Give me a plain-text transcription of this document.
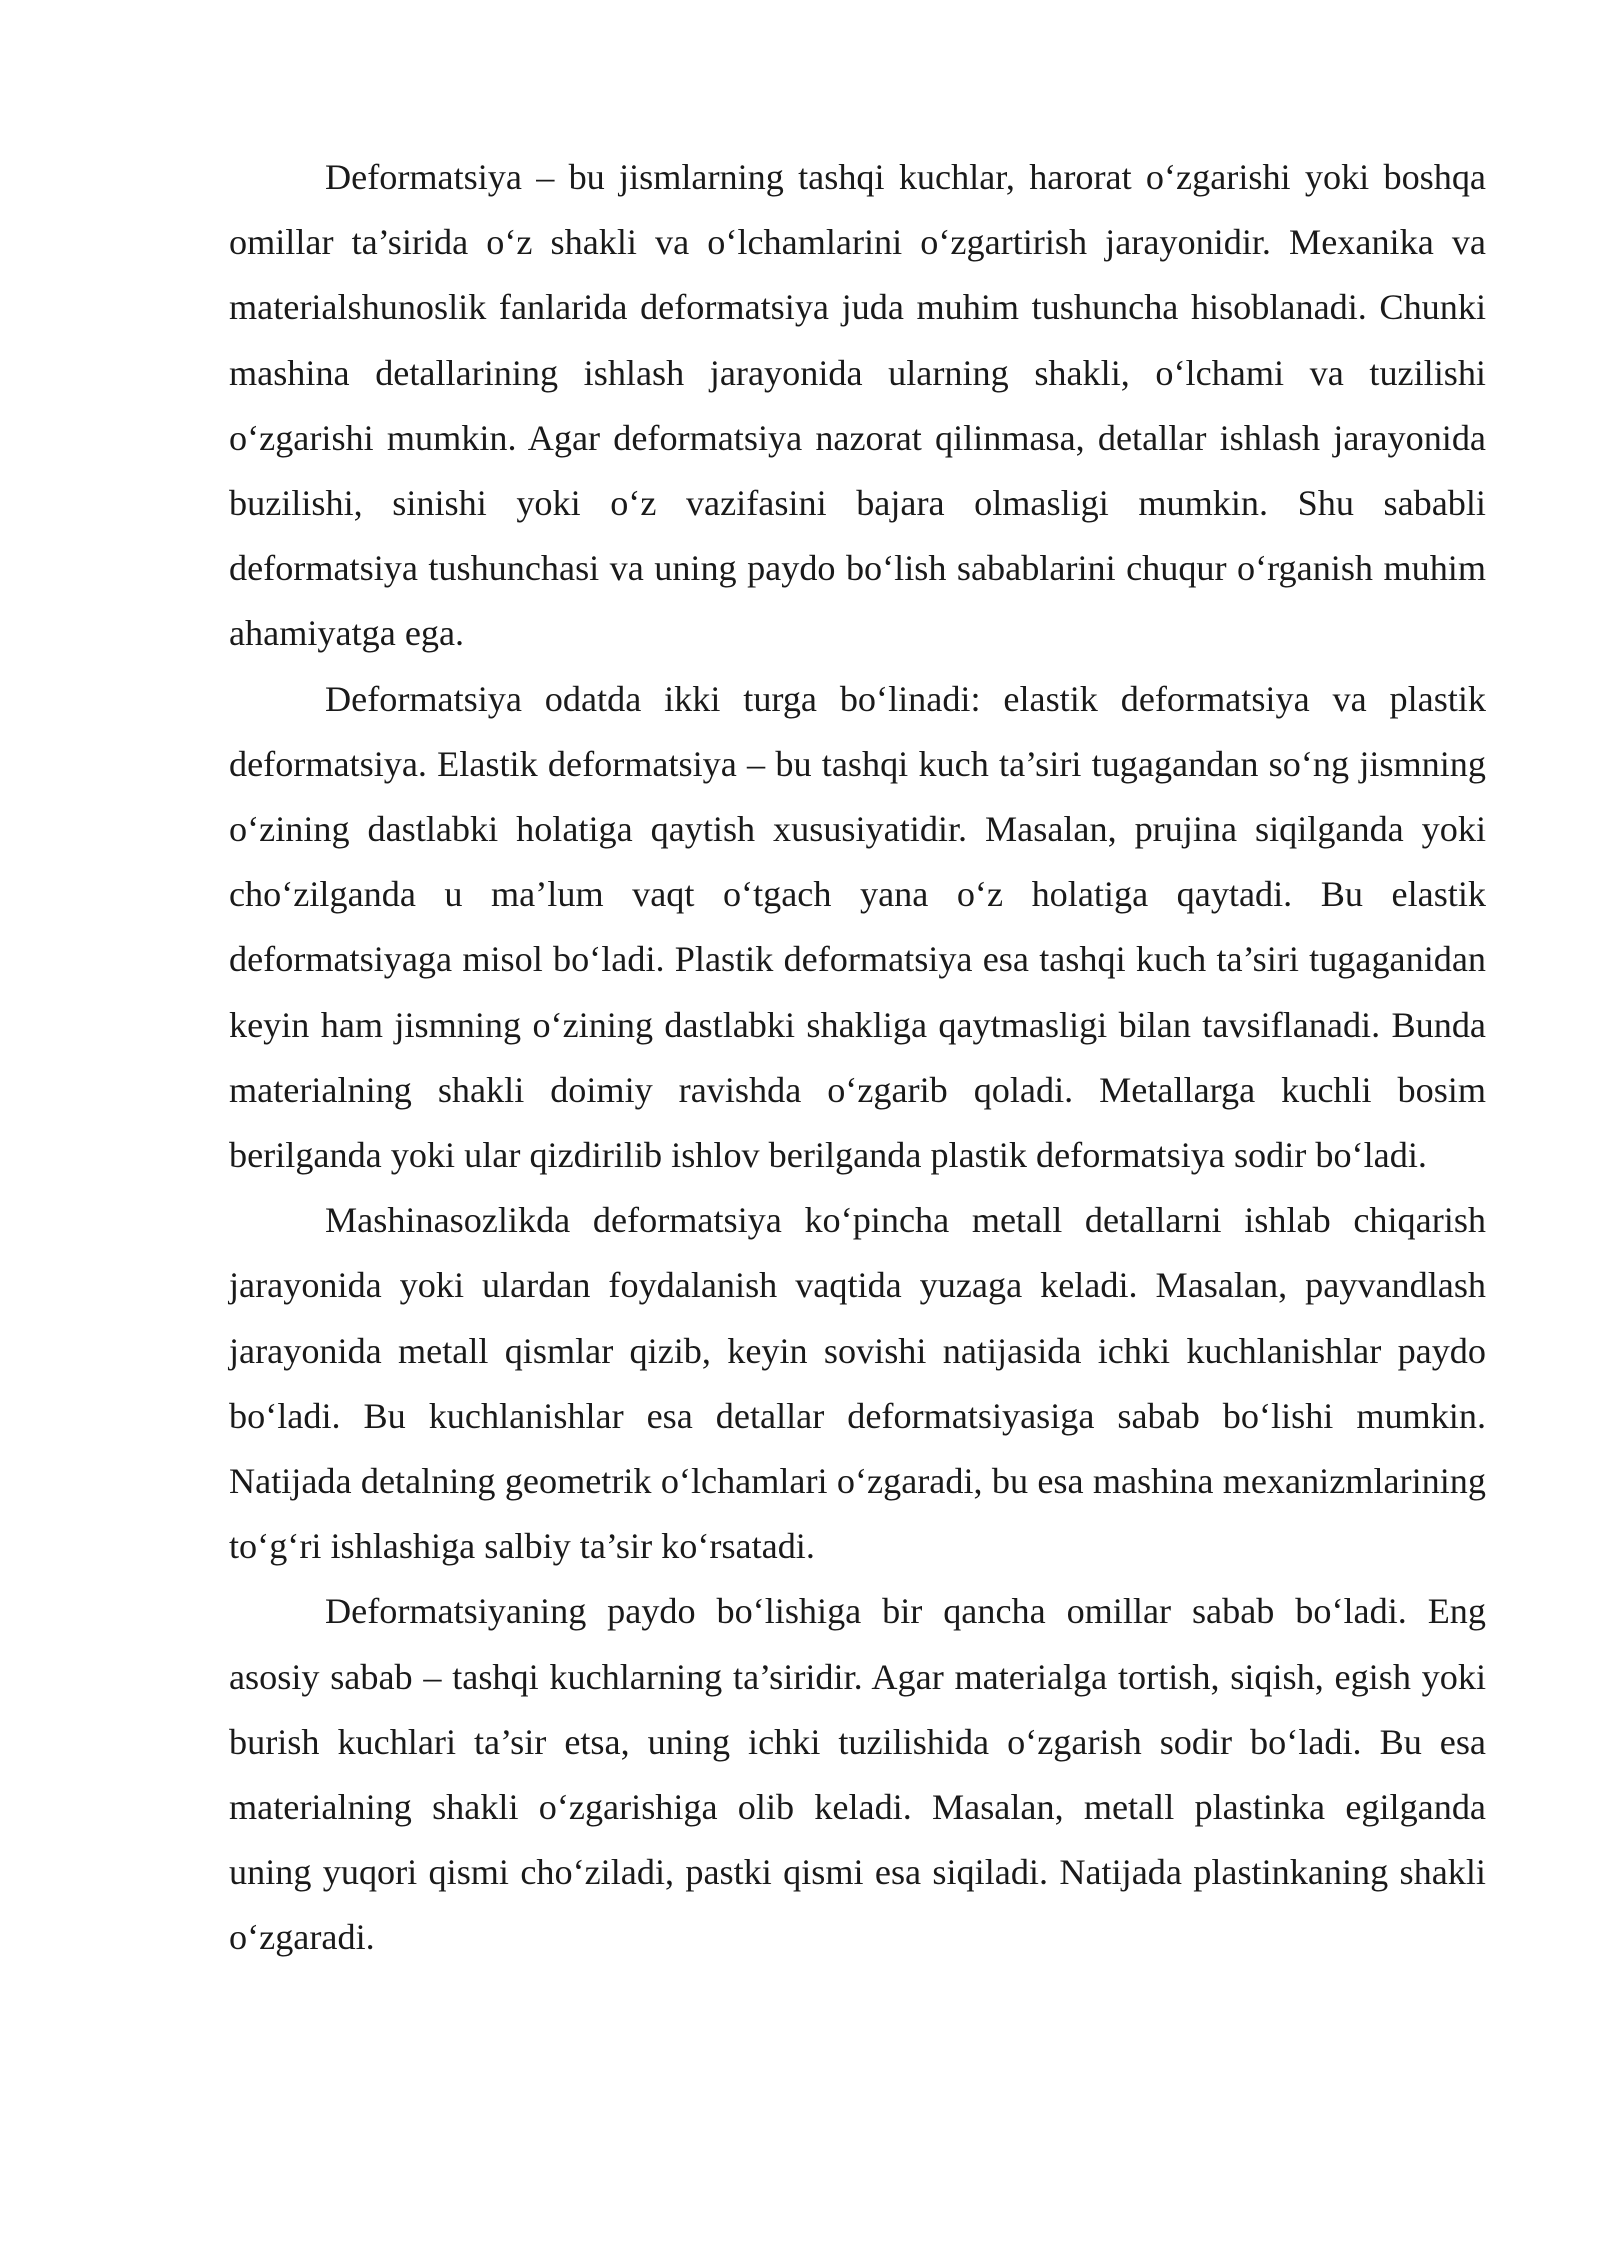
Deformatsiya – bu jismlarning tashqi kuchlar, harorat o‘zgarishi yoki boshqa omillar ta’sirida o‘z shakli va o‘lchamlarini o‘zgartirish jarayonidir. Mexanika va materialshunoslik fanlarida deformatsiya juda muhim tushuncha hisoblanadi. Chunki mashina detallarining ishlash jarayonida ularning shakli, o‘lchami va tuzilishi o‘zgarishi mumkin. Agar deformatsiya nazorat qilinmasa, detallar ishlash jarayonida buzilishi, sinishi yoki o‘z vazifasini bajara olmasligi mumkin. Shu sababli deformatsiya tushunchasi va uning paydo bo‘lish sabablarini chuqur o‘rganish muhim ahamiyatga ega.

Deformatsiya odatda ikki turga bo‘linadi: elastik deformatsiya va plastik deformatsiya. Elastik deformatsiya – bu tashqi kuch ta’siri tugagandan so‘ng jismning o‘zining dastlabki holatiga qaytish xususiyatidir. Masalan, prujina siqilganda yoki cho‘zilganda u ma’lum vaqt o‘tgach yana o‘z holatiga qaytadi. Bu elastik deformatsiyaga misol bo‘ladi. Plastik deformatsiya esa tashqi kuch ta’siri tugaganidan keyin ham jismning o‘zining dastlabki shakliga qaytmasligi bilan tavsiflanadi. Bunda materialning shakli doimiy ravishda o‘zgarib qoladi. Metallarga kuchli bosim berilganda yoki ular qizdirilib ishlov berilganda plastik deformatsiya sodir bo‘ladi.

Mashinasozlikda deformatsiya ko‘pincha metall detallarni ishlab chiqarish jarayonida yoki ulardan foydalanish vaqtida yuzaga keladi. Masalan, payvandlash jarayonida metall qismlar qizib, keyin sovishi natijasida ichki kuchlanishlar paydo bo‘ladi. Bu kuchlanishlar esa detallar deformatsiyasiga sabab bo‘lishi mumkin. Natijada detalning geometrik o‘lchamlari o‘zgaradi, bu esa mashina mexanizmlarining to‘g‘ri ishlashiga salbiy ta’sir ko‘rsatadi.

Deformatsiyaning paydo bo‘lishiga bir qancha omillar sabab bo‘ladi. Eng asosiy sabab – tashqi kuchlarning ta’siridir. Agar materialga tortish, siqish, egish yoki burish kuchlari ta’sir etsa, uning ichki tuzilishida o‘zgarish sodir bo‘ladi. Bu esa materialning shakli o‘zgarishiga olib keladi. Masalan, metall plastinka egilganda uning yuqori qismi cho‘ziladi, pastki qismi esa siqiladi. Natijada plastinkaning shakli o‘zgaradi.
